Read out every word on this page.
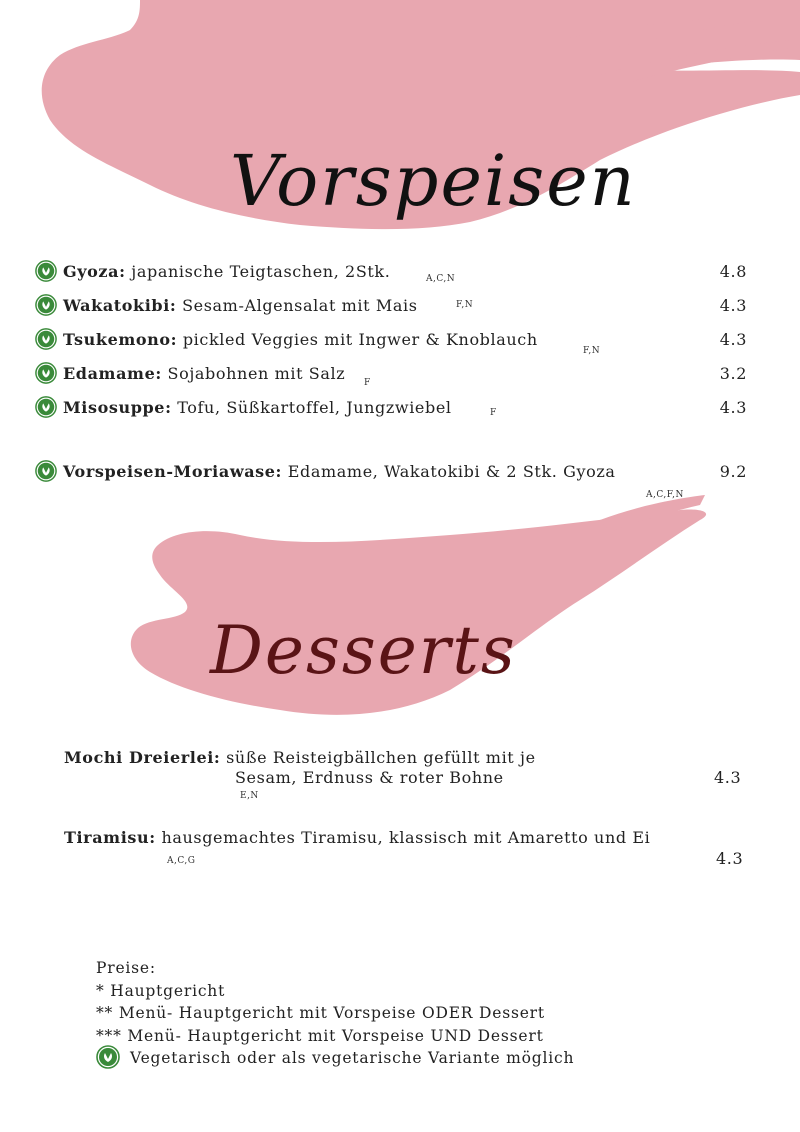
Vorspeisen
Desserts
Gyoza: japanische Teigtaschen, 2Stk.	4.8
A,C,N
Wakatokibi: Sesam-Algensalat mit Mais	4.3
F,N
Tsukemono: pickled Veggies mit Ingwer & Knoblauch	4.3
F,N
Edamame: Sojabohnen mit Salz	3.2
F
Misosuppe: Tofu, Süßkartoffel, Jungzwiebel	4.3
F
Vorspeisen-Moriawase: Edamame, Wakatokibi & 2 Stk. Gyoza	9.2
A,C,F,N
Mochi Dreierlei: süße Reisteigbällchen gefüllt mit je
Sesam, Erdnuss & roter Bohne	4.3
E,N
Tiramisu: hausgemachtes Tiramisu, klassisch mit Amaretto und Ei
A,C,G	4.3
Preise:
* Hauptgericht
** Menü- Hauptgericht mit Vorspeise ODER Dessert
*** Menü- Hauptgericht mit Vorspeise UND Dessert
Vegetarisch oder als vegetarische Variante möglich
